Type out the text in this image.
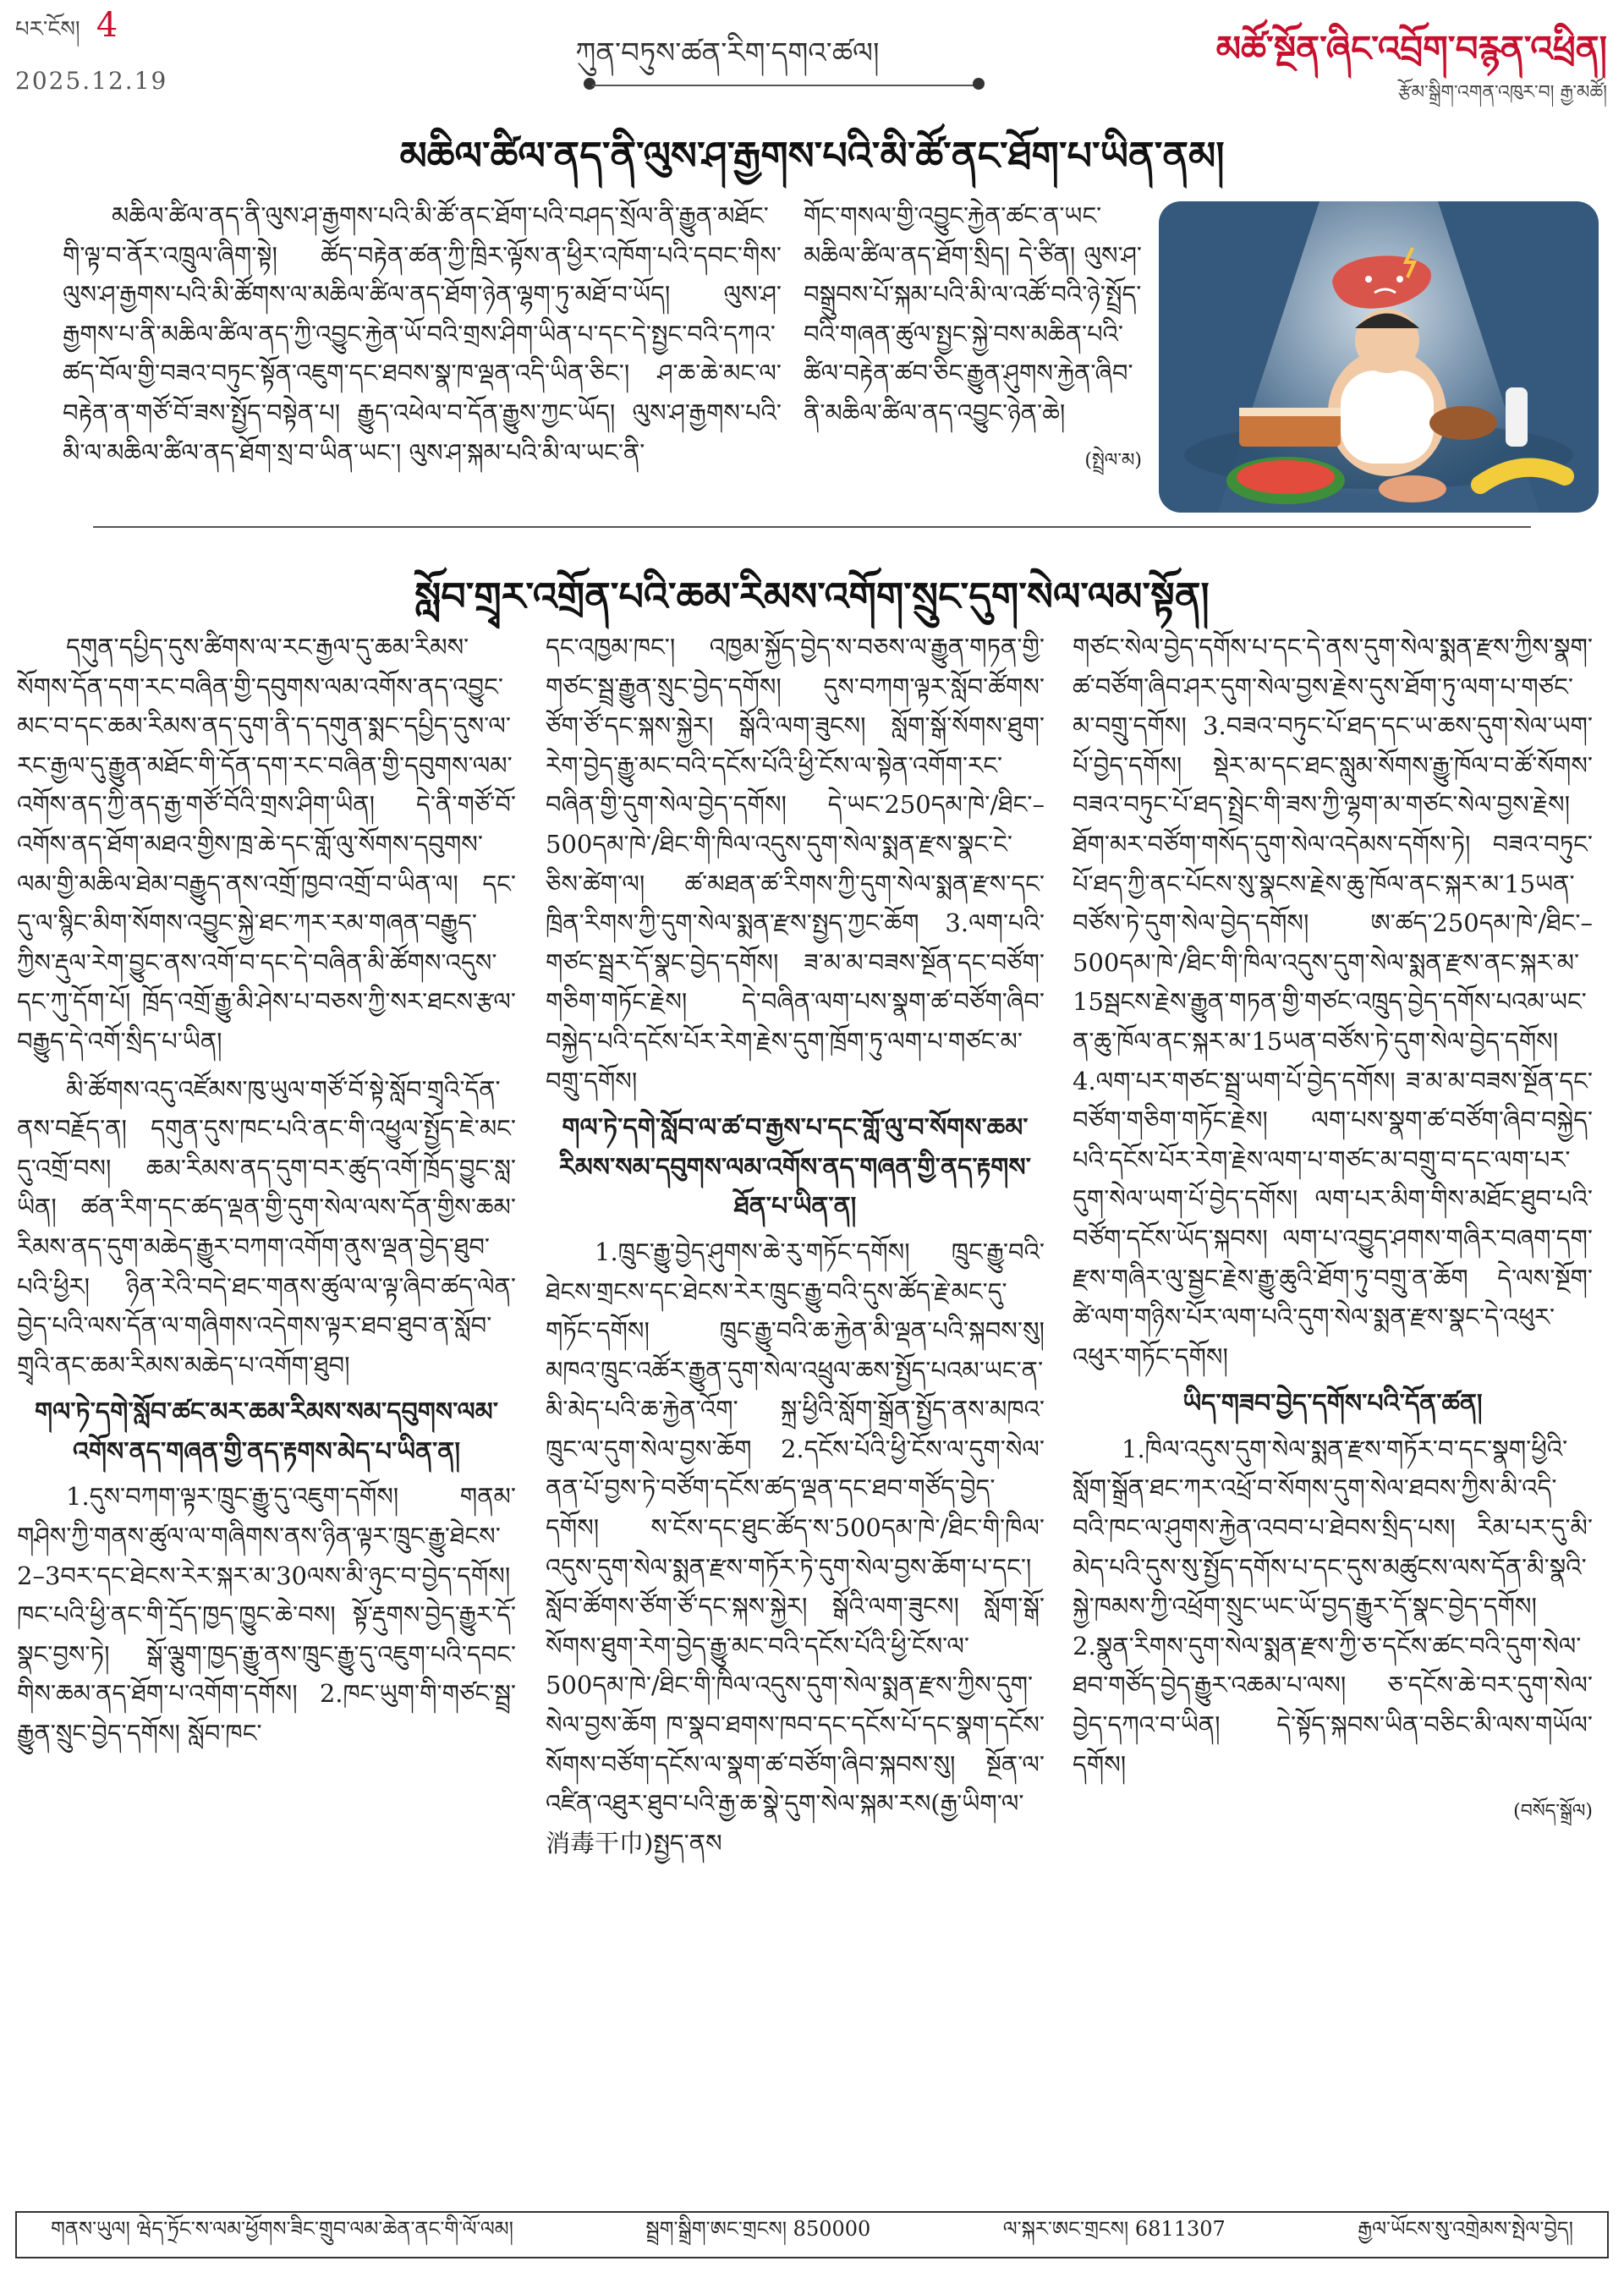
པར་ངོས། 4
2025.12.19
ཀུན་བཏུས་ཚན་རིག་དགའ་ཚལ།	མཚོ་སྔོན་ཞིང་འབྲོག་བརྙན་འཕྲིན།
རྩོམ་སྒྲིག་འགན་འཁུར་བ། རྒྱ་མཚོ།
མཆིལ་ཚིལ་ནད་ནི་ལུས་ཤ་རྒྱགས་པའི་མི་ཚོ་ནང་ཐོག་པ་ཡིན་ནམ།

མཆིལ་ཚིལ་ནད་ནི་ལུས་ཤ་རྒྱགས་པའི་མི་ཚོ་ནང་ཐོག་པའི་བཤད་སྲོལ་ནི་རྒྱུན་མཐོང་གི་ལྟ་བ་ནོར་འཁྲུལ་ཞིག་སྟེ། ཚོད་བརྟེན་ཚན་ཀྱི་ཁྲིར་ལྟོས་ན་ཕྱིར་འཁོག་པའི་དབང་གིས་ལུས་ཤ་རྒྱགས་པའི་མི་ཚོགས་ལ་མཆིལ་ཚིལ་ནད་ཐོག་ཉེན་ལྷག་ཏུ་མཐོ་བ་ཡོད། ལུས་ཤ་རྒྱགས་པ་ནི་མཆིལ་ཚིལ་ནད་ཀྱི་འབྱུང་རྐྱེན་ཡོ་བའི་གྲས་ཤིག་ཡིན་པ་དང་དེ་སྤྱང་བའི་དཀའ་ཚད་བོལ་གྱི་བཟའ་བཏུང་སྟོན་འཇུག་དང་ཐབས་སྣ་ཁ་ལྡན་འདི་ཡིན་ཅིང་། ཤ་ཆ་ཆེ་མང་ལ་བརྟེན་ན་གཙོ་བོ་ཟས་སྤྱོད་བསྟེན་པ། རྒྱུད་འཕེལ་བ་དོན་རྒྱུས་ཀྱང་ཡོད། ལུས་ཤ་རྒྱགས་པའི་མི་ལ་མཆིལ་ཚིལ་ནད་ཐོག་སྲ་བ་ཡིན་ཡང་། ལུས་ཤ་སྐམ་པའི་མི་ལ་ཡང་ནི་

གོང་གསལ་གྱི་འབྱུང་རྐྱེན་ཚང་ན་ཡང་མཆིལ་ཚིལ་ནད་ཐོག་སྲིད། དེ་ཙིན། ལུས་ཤ་བསྒྲུབས་པོ་སྐམ་པའི་མི་ལ་འཚོ་བའི་ཉེ་སྤྲོད་བའི་གཞན་ཚུལ་སྤྱང་སྐྱེ་བས་མཆིན་པའི་ཚིལ་བརྟེན་ཚབ་ཅིང་རྒྱུན་ཤུགས་རྐྱེན་ཞིབ་ནི་མཆིལ་ཚིལ་ནད་འབྱུང་ཉེན་ཆེ།

(སྤྲེལ་མ)

སློབ་གྲྭར་འགྲོན་པའི་ཆམ་རིམས་འགོག་སྲུང་དུག་སེལ་ལམ་སྟོན།

དགུན་དཔྱིད་དུས་ཚིགས་ལ་རང་རྒྱལ་དུ་ཆམ་རིམས་སོགས་དོན་དག་རང་བཞིན་གྱི་དབུགས་ལམ་འགོས་ནད་འབྱུང་མང་བ་དང་ཆམ་རིམས་ནད་དུག་ནི་ད་དགུན་སྨང་དཔྱིད་དུས་ལ་རང་རྒྱལ་དུ་རྒྱུན་མཐོང་གི་དོན་དག་རང་བཞིན་གྱི་དབུགས་ལམ་འགོས་ནད་ཀྱི་ནད་རྒྱ་གཙོ་བོའི་གྲས་ཤིག་ཡིན། དེ་ནི་གཙོ་བོ་འགོས་ནད་ཐོག་མཐའ་གྱིས་ཁྲ་ཆེ་དང་གློ་ལུ་སོགས་དབུགས་ལམ་གྱི་མཆིལ་ཐེམ་བརྒྱུད་ནས་འགྲོ་ཁྱབ་འགྲོ་བ་ཡིན་ལ། དང་དུ་ལ་སྙིང་མིག་སོགས་འབྱུང་སྐྱེ་ཐང་ཀར་རམ་གཞན་བརྒྱུད་ཀྱིས་རྡུལ་རེག་བྱུང་ནས་འགོ་བ་དང་དེ་བཞིན་མི་ཚོགས་འདུས་དང་ཀུ་དོག་པོ། ཁྲོད་འགྲོ་རྒྱུ་མི་ཤེས་པ་བཅས་ཀྱི་སར་ཐངས་རྩལ་བརྒྱུད་དེ་འགོ་སྲིད་པ་ཡིན།

མི་ཚོགས་འདུ་འཛོམས་ཁུ་ཡུལ་གཙོ་བོ་སྟེ་སློབ་གྲྭའི་དོན་ནས་བརྗོད་ན། དགུན་དུས་ཁང་པའི་ནང་གི་འཕྱུལ་སྤྱོད་ཇེ་མང་དུ་འགྲོ་བས། ཆམ་རིམས་ནད་དུག་བར་ཚུད་འགོ་ཁྲོད་བྱུང་སླ་ཡིན། ཚན་རིག་དང་ཚད་ལྡན་གྱི་དུག་སེལ་ལས་དོན་གྱིས་ཆམ་རིམས་ནད་དུག་མཆེད་རྒྱུར་བཀག་འགོག་ནུས་ལྡན་བྱེད་ཐུབ་པའི་ཕྱིར། ཉིན་རེའི་བདེ་ཐང་གནས་ཚུལ་ལ་ལྟ་ཞིབ་ཚད་ལེན་བྱེད་པའི་ལས་དོན་ལ་གཞིགས་འདེགས་ལྟར་ཐབ་ཐུབ་ན་སློབ་གྲྭའི་ནང་ཆམ་རིམས་མཆེད་པ་འགོག་ཐུབ།

གལ་ཏེ་དགེ་སློབ་ཚང་མར་ཆམ་རིམས་སམ་དབུགས་ལམ་འགོས་ནད་གཞན་གྱི་ནད་རྟགས་མེད་པ་ཡིན་ན།

1.དུས་བཀག་ལྟར་ཁྲུང་རྒྱུ་དུ་འཇུག་དགོས། གནམ་གཤིས་ཀྱི་གནས་ཚུལ་ལ་གཞིགས་ནས་ཉིན་ལྟར་ཁྲུང་རྒྱུ་ཐེངས་2–3བར་དང་ཐེངས་རེར་སྐར་མ་30ལས་མི་ཉུང་བ་བྱེད་དགོས། ཁང་པའི་ཕྱི་ནང་གི་དྲོད་ཁྱད་ཁྱུང་ཆེ་བས། སྟོ་རྡུགས་བྱེད་རྒྱུར་དོ་སྣང་བྱས་ཏེ། སྒོ་ལྕུག་ཁྱད་རྒྱུ་ནས་ཁྲུང་རྒྱུ་དུ་འཇུག་པའི་དབང་གིས་ཆམ་ནད་ཐོག་པ་འགོག་དགོས། 2.ཁང་ཡུག་གི་གཙང་སྦྲ་རྒྱུན་སྲུང་བྱེད་དགོས། སློབ་ཁང་

དང་འཁྱམ་ཁང་། འཁྱམ་སྐྱོད་བྱེད་ས་བཅས་ལ་རྒྱུན་གཏན་གྱི་གཙང་སྦྲ་རྒྱུན་སྲུང་བྱེད་དགོས། དུས་བཀག་ལྟར་སློབ་ཚོགས་ཙོག་ཙོ་དང་སྐས་སྐྱེར། སྒོའི་ལག་ཟུངས། སློག་སྒོ་སོགས་ཐུག་རེག་བྱེད་རྒྱུ་མང་བའི་དངོས་པོའི་ཕྱི་ངོས་ལ་སྟེན་འགོག་རང་བཞིན་གྱི་དུག་སེལ་བྱེད་དགོས། དེ་ཡང་250དམ་ཁེ་/ཐིང་–500དམ་ཁེ་/ཐིང་གི་ཁིལ་འདུས་དུག་སེལ་སྨན་རྫས་སྣང་ངེ་ཅིས་ཚེག་ལ། ཚ་མཐན་ཚ་རིགས་ཀྱི་དུག་སེལ་སྨན་རྫས་དང་ཁྲིན་རིགས་ཀྱི་དུག་སེལ་སྨན་རྫས་སྤྱད་ཀྱང་ཆོག 3.ལག་པའི་གཙང་སྦྲར་དོ་སྣང་བྱེད་དགོས། ཟ་མ་མ་བཟས་སྔོན་དང་བཙོག་གཅིག་གཏོང་རྗེས། དེ་བཞིན་ལག་པས་སྣག་ཚ་བཙོག་ཞིབ་བསྐྱེད་པའི་དངོས་པོར་རེག་རྗེས་དུག་ཁྲོག་ཏུ་ལག་པ་གཙང་མ་བགྲུ་དགོས།

གལ་ཏེ་དགེ་སློབ་ལ་ཚ་བ་རྒྱས་པ་དང་གློ་ལུ་བ་སོགས་ཆམ་རིམས་སམ་དབུགས་ལམ་འགོས་ནད་གཞན་གྱི་ནད་རྟགས་ཐོན་པ་ཡིན་ན།

1.ཁྲུང་རྒྱུ་བྱེད་ཤུགས་ཆེ་རུ་གཏོང་དགོས། ཁྲུང་རྒྱུ་བའི་ཐེངས་གྲངས་དང་ཐེངས་རེར་ཁྲུང་རྒྱུ་བའི་དུས་ཚོད་རྗེ་མང་དུ་གཏོང་དགོས། ཁྲུང་རྒྱུ་བའི་ཆ་རྐྱེན་མི་ལྡན་པའི་སྐབས་སུ། མཁའ་ཁྲུང་འཚོར་རྒྱུན་དུག་སེལ་འཕྲུལ་ཆས་སྤྱོད་པའམ་ཡང་ན་མི་མེད་པའི་ཆ་རྐྱེན་འོག་ སྐྲ་ཕྱིའི་སློག་སྒྲོན་སྤྱོད་ནས་མཁའ་ཁྲུང་ལ་དུག་སེལ་བྱས་ཆོག 2.དངོས་པོའི་ཕྱི་ངོས་ལ་དུག་སེལ་ནན་པོ་བྱས་ཏེ་བཙོག་དངོས་ཚད་ལྡན་དང་ཐབ་གཙོད་བྱེད་དགོས། ས་ངོས་དང་ཐུང་ཚོད་ས་500དམ་ཁེ་/ཐིང་གི་ཁིལ་འདུས་དུག་སེལ་སྨན་རྫས་གཏོར་ཏེ་དུག་སེལ་བྱས་ཆོག་པ་དང་། སློབ་ཚོགས་ཙོག་ཙོ་དང་སྐས་སྐྱེར། སྒོའི་ལག་ཟུངས། སློག་སྒོ་སོགས་ཐུག་རེག་བྱེད་རྒྱུ་མང་བའི་དངོས་པོའི་ཕྱི་ངོས་ལ་500དམ་ཁེ་/ཐིང་གི་ཁིལ་འདུས་དུག་སེལ་སྨན་རྫས་ཀྱིས་དུག་སེལ་བྱས་ཆོག ཁ་སྣབ་ཐགས་ཁབ་དང་དངོས་པོ་དང་སྣག་དངོས་སོགས་བཙོག་དངོས་ལ་སྣག་ཚ་བཙོག་ཞིབ་སྐབས་སུ། སྔོན་ལ་འཛིན་འཐུར་ཐུབ་པའི་རྒྱ་ཆ་སྣེ་དུག་སེལ་སྐམ་རས(རྒྱ་ཡིག་ལ་消毒干巾)སྤྱད་ནས

གཙང་སེལ་བྱེད་དགོས་པ་དང་དེ་ནས་དུག་སེལ་སྨན་རྫས་ཀྱིས་སྣག་ཚ་བཙོག་ཞིབ་ཤར་དུག་སེལ་བྱས་རྗེས་དུས་ཐོག་ཏུ་ལག་པ་གཙང་མ་བགྲུ་དགོས། 3.བཟའ་བཏུང་པོ་ཐད་དང་ཡ་ཆས་དུག་སེལ་ཡག་པོ་བྱེད་དགོས། སྡེར་མ་དང་ཐང་སླུམ་སོགས་རྒྱུ་ཁོལ་བ་ཚོ་སོགས་བཟའ་བཏུང་པོ་ཐད་སྤྲེང་གི་ཟས་ཀྱི་ལྷག་མ་གཙང་སེལ་བྱས་རྗེས། ཐོག་མར་བཙོག་གསོད་དུག་སེལ་འདེམས་དགོས་ཏེ། བཟའ་བཏུང་པོ་ཐད་ཀྱི་ནང་པོངས་སུ་སྣངས་རྗེས་ཆུ་ཁོལ་ནང་སྐར་མ་15ཡན་བཙོས་ཏེ་དུག་སེལ་བྱེད་དགོས། ཨ་ཚད་250དམ་ཁེ་/ཐིང་–500དམ་ཁེ་/ཐིང་གི་ཁིལ་འདུས་དུག་སེལ་སྨན་རྫས་ནང་སྐར་མ་15སྦངས་རྗེས་རྒྱུན་གཏན་གྱི་གཙང་འཁྲུད་བྱེད་དགོས་པའམ་ཡང་ན་ཆུ་ཁོལ་ནང་སྐར་མ་15ཡན་བཙོས་ཏེ་དུག་སེལ་བྱེད་དགོས། 4.ལག་པར་གཙང་སྦྲ་ཡག་པོ་བྱེད་དགོས། ཟ་མ་མ་བཟས་སྔོན་དང་བཙོག་གཅིག་གཏོང་རྗེས། ལག་པས་སྣག་ཚ་བཙོག་ཞིབ་བསྐྱེད་པའི་དངོས་པོར་རེག་རྗེས་ལག་པ་གཙང་མ་བགྲུ་བ་དང་ལག་པར་དུག་སེལ་ཡག་པོ་བྱེད་དགོས། ལག་པར་མིག་གིས་མཐོང་ཐུབ་པའི་བཙོག་དངོས་ཡོད་སྐབས། ལག་པ་འབྱུད་ཤགས་གཞིར་བཞག་དག་རྫས་གཞིར་ལུ་སྦྱང་རྗེས་རྒྱུ་ཆུའི་ཐོག་ཏུ་བགྲུ་ན་ཆོག དེ་ལས་སྔོག་ཚེ་ལག་གཉིས་པོར་ལག་པའི་དུག་སེལ་སྨན་རྫས་སྣང་དེ་འཕུར་འཕུར་གཏོང་དགོས།

ཡིད་གཟབ་བྱེད་དགོས་པའི་དོན་ཚན།

1.ཁིལ་འདུས་དུག་སེལ་སྨན་རྫས་གཏོར་བ་དང་སྣག་ཕྱིའི་སློག་སྒྲོན་ཐང་ཀར་འཕྲོ་བ་སོགས་དུག་སེལ་ཐབས་ཀྱིས་མི་འདི་བའི་ཁང་ལ་ཤུགས་རྐྱེན་འབབ་པ་ཐེབས་སྲིད་པས། རིམ་པར་དུ་མི་མེད་པའི་དུས་སུ་སྤྱོད་དགོས་པ་དང་དུས་མཚུངས་ལས་དོན་མི་སྣའི་སྐྱེ་ཁམས་ཀྱི་འཕྲོག་སྲུང་ཡང་ཡོ་བྱད་རྒྱུར་དོ་སྣང་བྱེད་དགོས། 2.སྣུན་རིགས་དུག་སེལ་སྨན་རྫས་ཀྱི་ཅ་དངོས་ཚང་བའི་དུག་སེལ་ཐབ་གཙོད་བྱེད་རྒྱུར་འཆམ་པ་ལས། ཅ་དངོས་ཆེ་བར་དུག་སེལ་བྱེད་དཀའ་བ་ཡིན། དེ་སྟོད་སྐབས་ཡིན་བཅིང་མི་ལས་གཡོལ་དགོས།

(བསོད་སྒྲོལ)

གནས་ཡུལ། ཝེད་ཏྲོང་ས་ལམ་ཕྱོགས་ཟིང་གྲུབ་ལམ་ཆེན་ནང་གི་ལོ་ལམ།	སྦྲག་སྒྲིག་ཨང་གྲངས། 850000	ལ་སྐར་ཨང་གྲངས། 6811307	རྒྱལ་ཡོངས་སུ་འགྲེམས་སྤེལ་བྱེད།
